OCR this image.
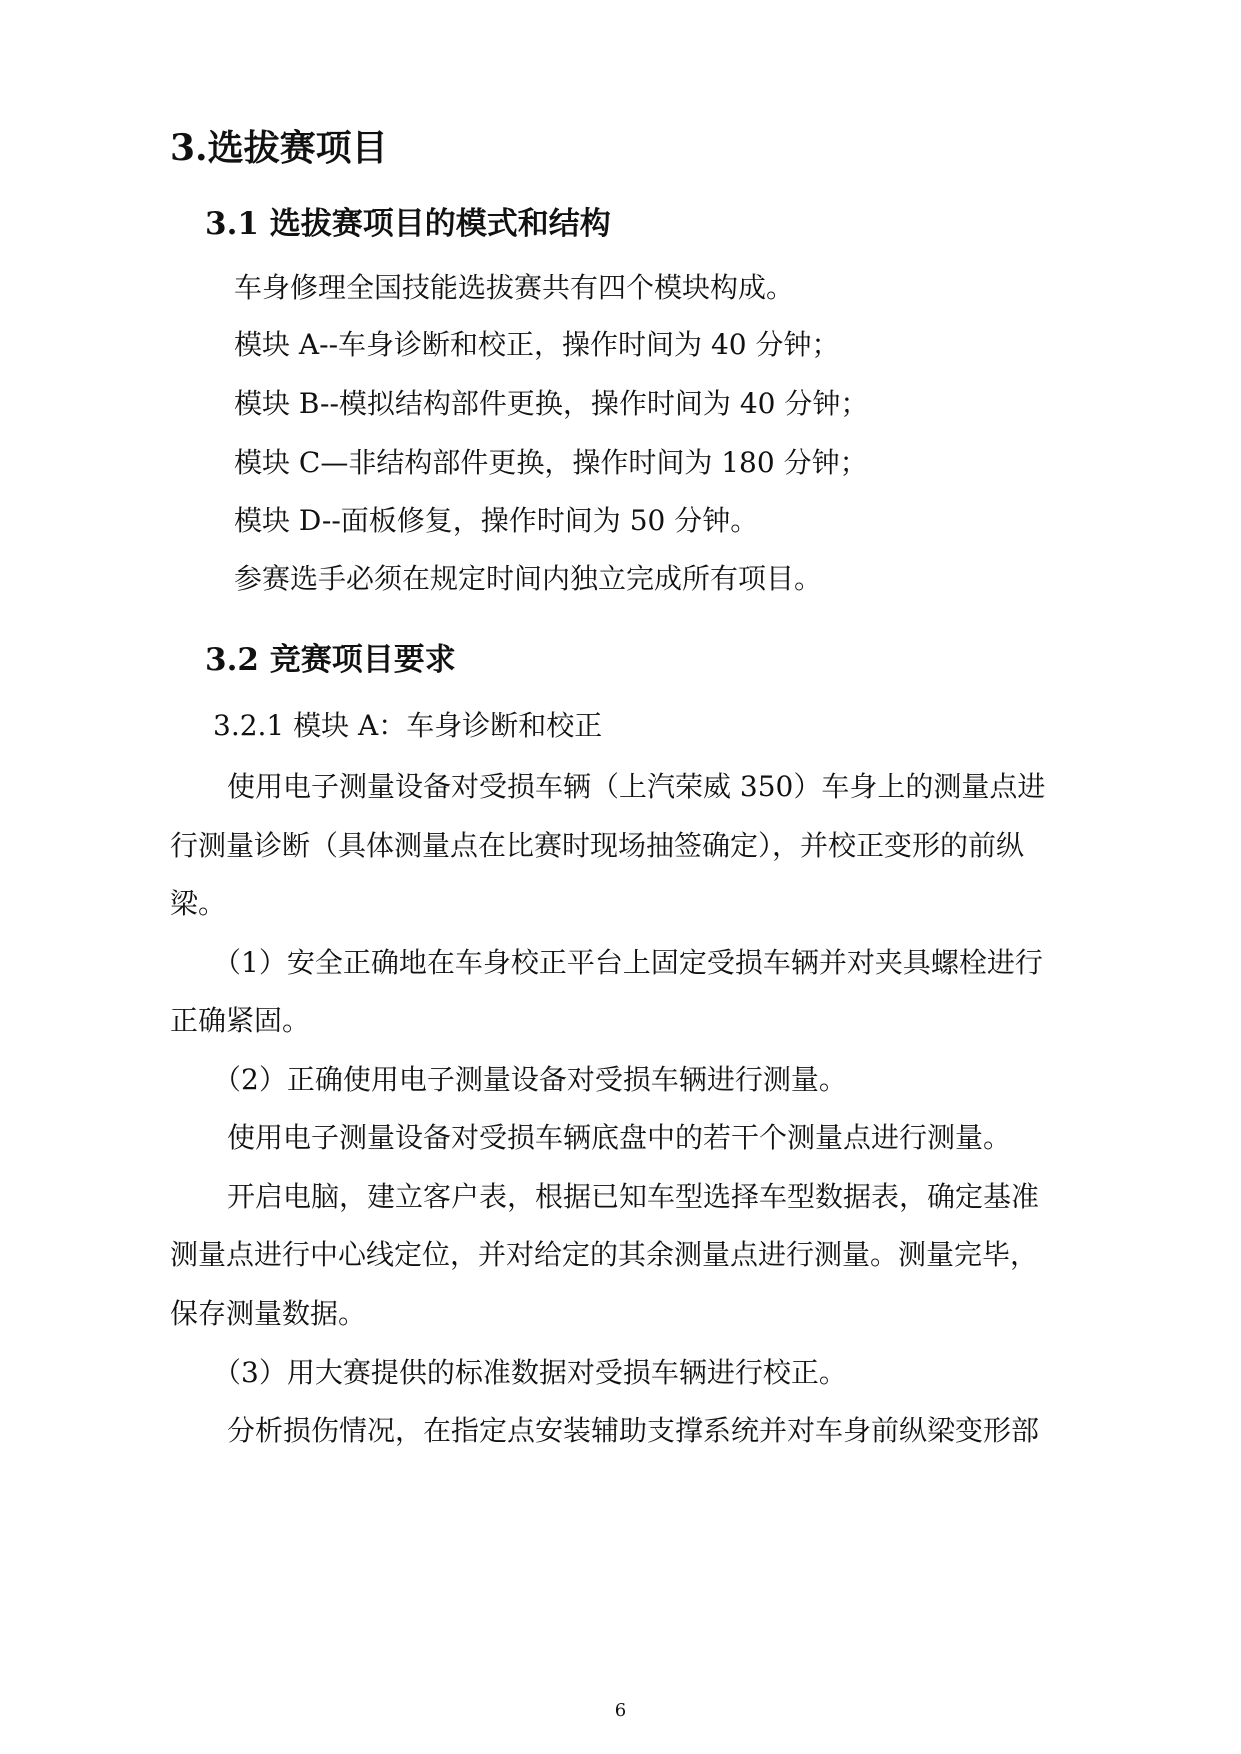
3.选拔赛项目
3.1 选拔赛项目的模式和结构
车身修理全国技能选拔赛共有四个模块构成。
模块 A--车身诊断和校正，操作时间为 40 分钟；
模块 B--模拟结构部件更换，操作时间为 40 分钟；
模块 C—非结构部件更换，操作时间为 180 分钟；
模块 D--面板修复，操作时间为 50 分钟。
参赛选手必须在规定时间内独立完成所有项目。
3.2 竞赛项目要求
3.2.1 模块 A：车身诊断和校正
使用电子测量设备对受损车辆（上汽荣威 350）车身上的测量点进
行测量诊断（具体测量点在比赛时现场抽签确定），并校正变形的前纵
梁。
（1）安全正确地在车身校正平台上固定受损车辆并对夹具螺栓进行
正确紧固。
（2）正确使用电子测量设备对受损车辆进行测量。
使用电子测量设备对受损车辆底盘中的若干个测量点进行测量。
开启电脑，建立客户表，根据已知车型选择车型数据表，确定基准
测量点进行中心线定位，并对给定的其余测量点进行测量。测量完毕，
保存测量数据。
（3）用大赛提供的标准数据对受损车辆进行校正。
分析损伤情况，在指定点安装辅助支撑系统并对车身前纵梁变形部
6
